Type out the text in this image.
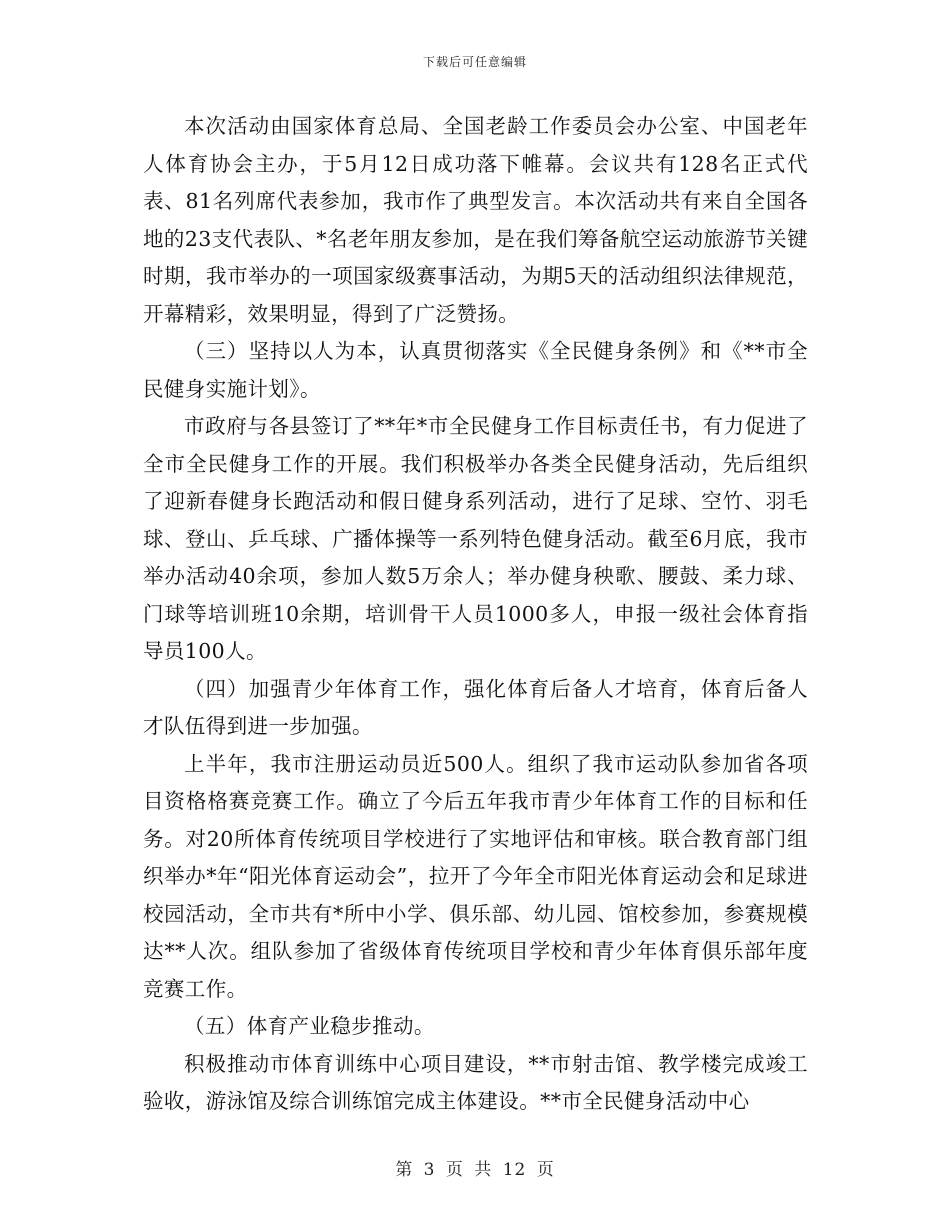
下载后可任意编辑

本次活动由国家体育总局、全国老龄工作委员会办公室、中国老年人体育协会主办，于5月12日成功落下帷幕。会议共有128名正式代表、81名列席代表参加，我市作了典型发言。本次活动共有来自全国各地的23支代表队、*名老年朋友参加，是在我们筹备航空运动旅游节关键时期，我市举办的一项国家级赛事活动，为期5天的活动组织法律规范，开幕精彩，效果明显，得到了广泛赞扬。

（三）坚持以人为本，认真贯彻落实《全民健身条例》和《**市全民健身实施计划》。

市政府与各县签订了**年*市全民健身工作目标责任书，有力促进了全市全民健身工作的开展。我们积极举办各类全民健身活动，先后组织了迎新春健身长跑活动和假日健身系列活动，进行了足球、空竹、羽毛球、登山、乒乓球、广播体操等一系列特色健身活动。截至6月底，我市举办活动40余项，参加人数5万余人；举办健身秧歌、腰鼓、柔力球、门球等培训班10余期，培训骨干人员1000多人，申报一级社会体育指导员100人。

（四）加强青少年体育工作，强化体育后备人才培育，体育后备人才队伍得到进一步加强。

上半年，我市注册运动员近500人。组织了我市运动队参加省各项目资格格赛竞赛工作。确立了今后五年我市青少年体育工作的目标和任务。对20所体育传统项目学校进行了实地评估和审核。联合教育部门组织举办*年“阳光体育运动会”，拉开了今年全市阳光体育运动会和足球进校园活动，全市共有*所中小学、俱乐部、幼儿园、馆校参加，参赛规模达**人次。组队参加了省级体育传统项目学校和青少年体育俱乐部年度竞赛工作。

（五）体育产业稳步推动。

积极推动市体育训练中心项目建设，**市射击馆、教学楼完成竣工验收，游泳馆及综合训练馆完成主体建设。**市全民健身活动中心

第 3 页 共 12 页
